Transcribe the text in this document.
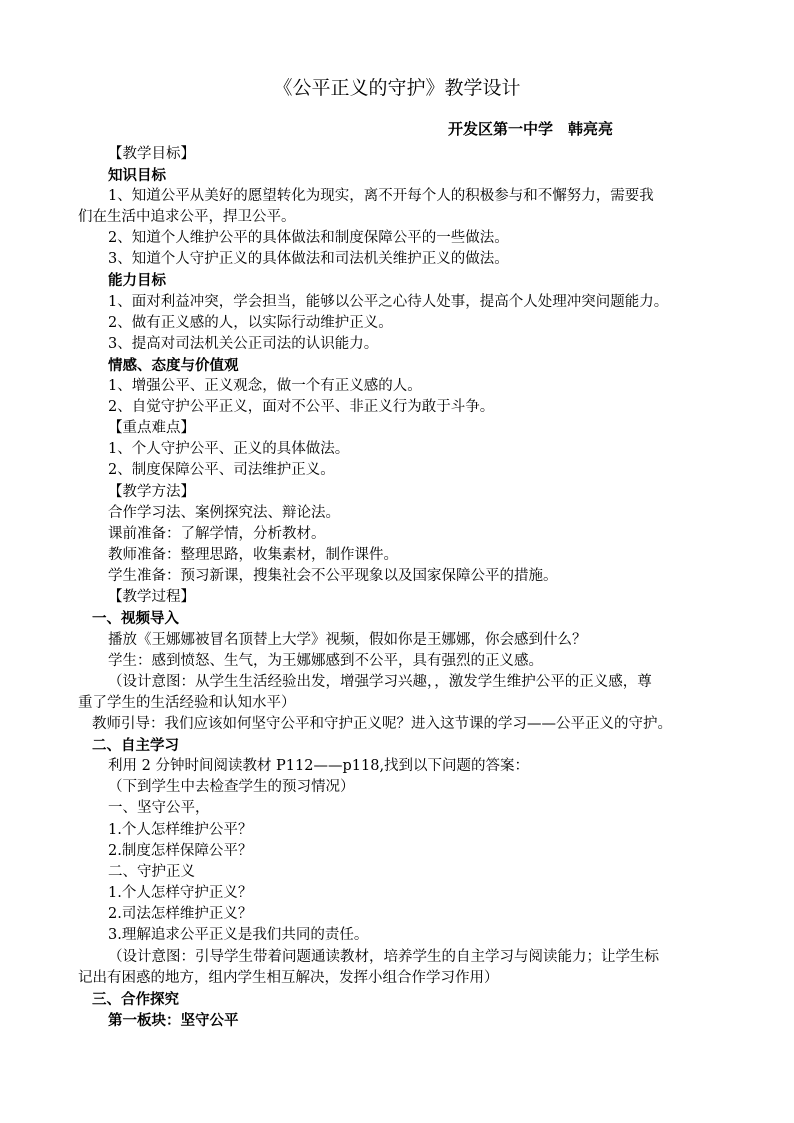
《公平正义的守护》教学设计
开发区第一中学　韩亮亮
【教学目标】
知识目标
1、知道公平从美好的愿望转化为现实，离不开每个人的积极参与和不懈努力，需要我
们在生活中追求公平，捍卫公平。
2、知道个人维护公平的具体做法和制度保障公平的一些做法。
3、知道个人守护正义的具体做法和司法机关维护正义的做法。
能力目标
1、面对利益冲突，学会担当，能够以公平之心待人处事，提高个人处理冲突问题能力。
2、做有正义感的人，以实际行动维护正义。
3、提高对司法机关公正司法的认识能力。
情感、态度与价值观
1、增强公平、正义观念，做一个有正义感的人。
2、自觉守护公平正义，面对不公平、非正义行为敢于斗争。
【重点难点】
1、个人守护公平、正义的具体做法。
2、制度保障公平、司法维护正义。
【教学方法】
合作学习法、案例探究法、辩论法。
课前准备：了解学情，分析教材。
教师准备：整理思路，收集素材，制作课件。
学生准备：预习新课，搜集社会不公平现象以及国家保障公平的措施。
【教学过程】
一、视频导入
播放《王娜娜被冒名顶替上大学》视频，假如你是王娜娜，你会感到什么？
学生：感到愤怒、生气，为王娜娜感到不公平，具有强烈的正义感。
（设计意图：从学生生活经验出发，增强学习兴趣，，激发学生维护公平的正义感，尊
重了学生的生活经验和认知水平）
教师引导：我们应该如何坚守公平和守护正义呢？进入这节课的学习——公平正义的守护。
二、自主学习
利用 2 分钟时间阅读教材 P112——p118,找到以下问题的答案：
（下到学生中去检查学生的预习情况）
一、坚守公平，
1.个人怎样维护公平？
2.制度怎样保障公平？
二、守护正义
1.个人怎样守护正义？
2.司法怎样维护正义？
3.理解追求公平正义是我们共同的责任。
（设计意图：引导学生带着问题通读教材，培养学生的自主学习与阅读能力；让学生标
记出有困惑的地方，组内学生相互解决，发挥小组合作学习作用）
三、合作探究
第一板块：坚守公平
